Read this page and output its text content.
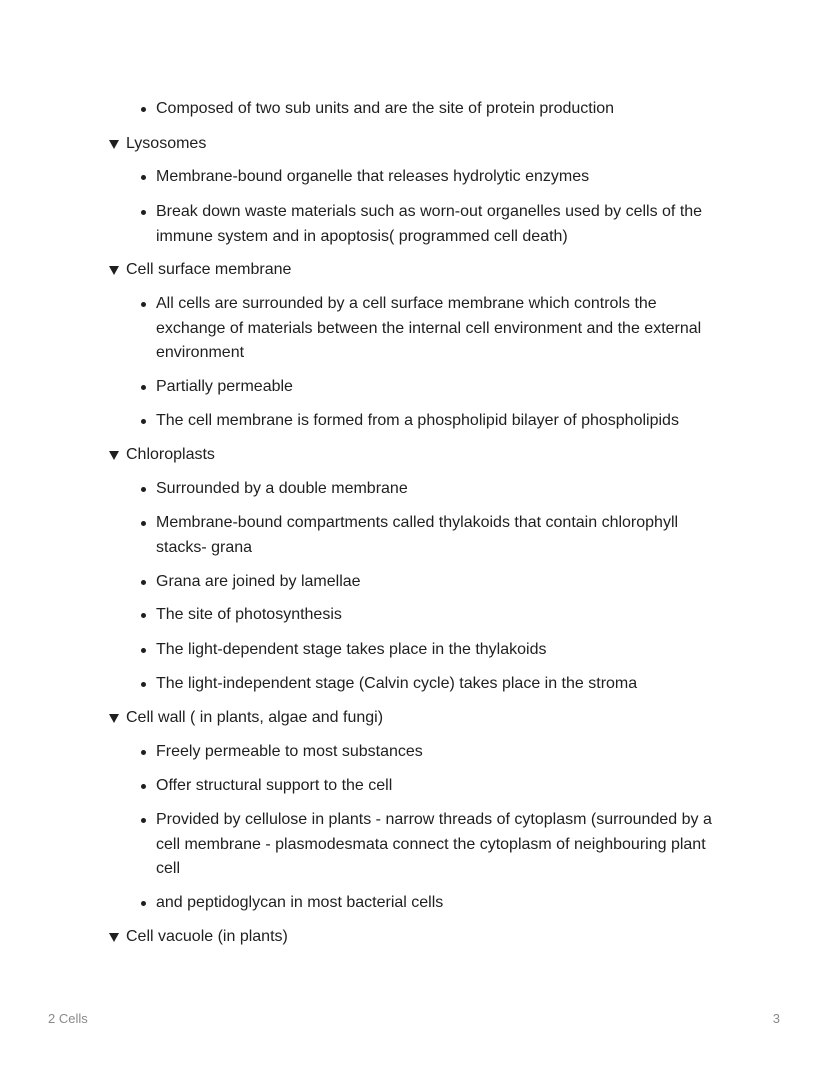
Composed of two sub units and are the site of protein production
Lysosomes
Membrane-bound organelle that releases hydrolytic enzymes
Break down waste materials such as worn-out organelles used by cells of the immune system and in apoptosis( programmed cell death)
Cell surface membrane
All cells are surrounded by a cell surface membrane which controls the exchange of materials between the internal cell environment and the external environment
Partially permeable
The cell membrane is formed from a phospholipid bilayer of phospholipids
Chloroplasts
Surrounded by a double membrane
Membrane-bound compartments called thylakoids that contain chlorophyll stacks- grana
Grana are joined by lamellae
The site of photosynthesis
The light-dependent stage takes place in the thylakoids
The light-independent stage (Calvin cycle) takes place in the stroma
Cell wall ( in plants, algae and fungi)
Freely permeable to most substances
Offer structural support to the cell
Provided by cellulose in plants - narrow threads of cytoplasm (surrounded by a cell membrane - plasmodesmata connect the cytoplasm of neighbouring plant cell
and peptidoglycan in most bacterial cells
Cell vacuole (in plants)
2 Cells	3
